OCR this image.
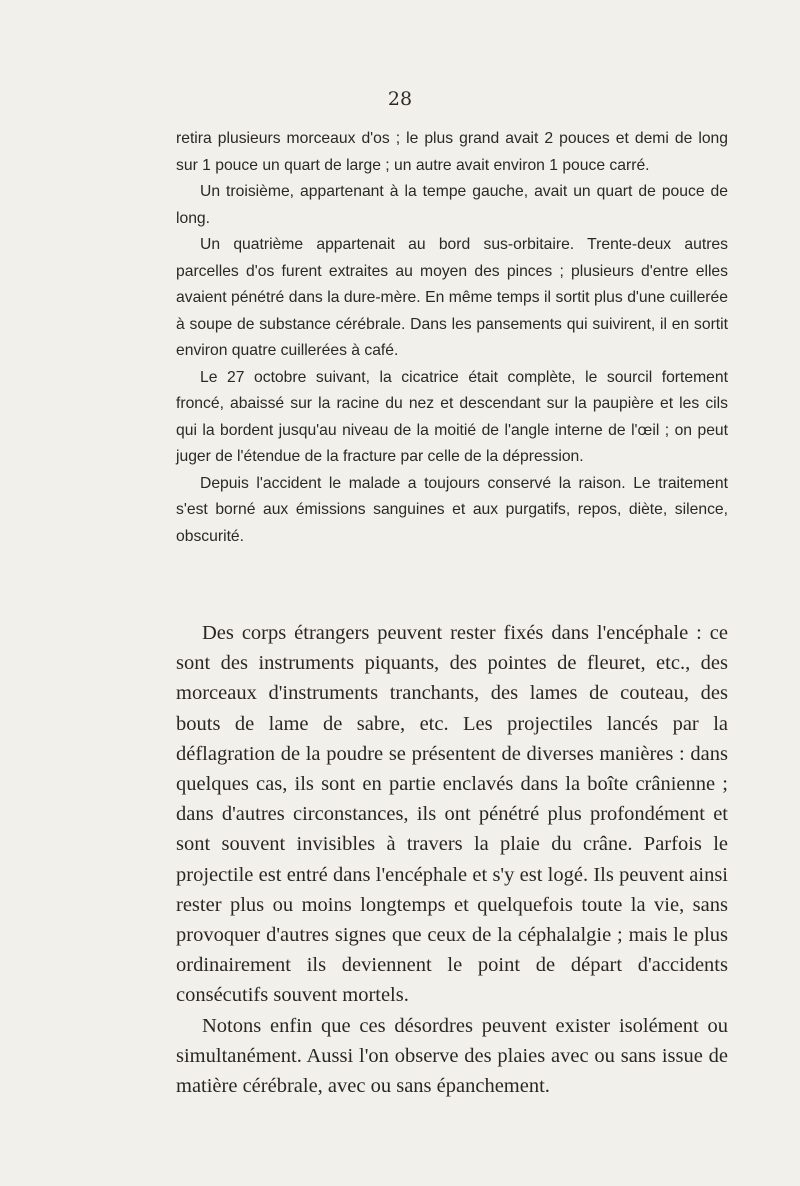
28

retira plusieurs morceaux d'os ; le plus grand avait 2 pouces et demi de long sur 1 pouce un quart de large ; un autre avait environ 1 pouce carré.

Un troisième, appartenant à la tempe gauche, avait un quart de pouce de long.

Un quatrième appartenait au bord sus-orbitaire. Trente-deux autres parcelles d'os furent extraites au moyen des pinces ; plusieurs d'entre elles avaient pénétré dans la dure-mère. En même temps il sortit plus d'une cuillerée à soupe de substance cérébrale. Dans les pansements qui suivirent, il en sortit environ quatre cuillerées à café.

Le 27 octobre suivant, la cicatrice était complète, le sourcil fortement froncé, abaissé sur la racine du nez et descendant sur la paupière et les cils qui la bordent jusqu'au niveau de la moitié de l'angle interne de l'œil ; on peut juger de l'étendue de la fracture par celle de la dépression.

Depuis l'accident le malade a toujours conservé la raison. Le traitement s'est borné aux émissions sanguines et aux purgatifs, repos, diète, silence, obscurité.

Des corps étrangers peuvent rester fixés dans l'encéphale : ce sont des instruments piquants, des pointes de fleuret, etc., des morceaux d'instruments tranchants, des lames de couteau, des bouts de lame de sabre, etc. Les projectiles lancés par la déflagration de la poudre se présentent de diverses manières : dans quelques cas, ils sont en partie enclavés dans la boîte crânienne ; dans d'autres circonstances, ils ont pénétré plus profondément et sont souvent invisibles à travers la plaie du crâne. Parfois le projectile est entré dans l'encéphale et s'y est logé. Ils peuvent ainsi rester plus ou moins longtemps et quelquefois toute la vie, sans provoquer d'autres signes que ceux de la céphalalgie ; mais le plus ordinairement ils deviennent le point de départ d'accidents consécutifs souvent mortels.

Notons enfin que ces désordres peuvent exister isolément ou simultanément. Aussi l'on observe des plaies avec ou sans issue de matière cérébrale, avec ou sans épanchement.
